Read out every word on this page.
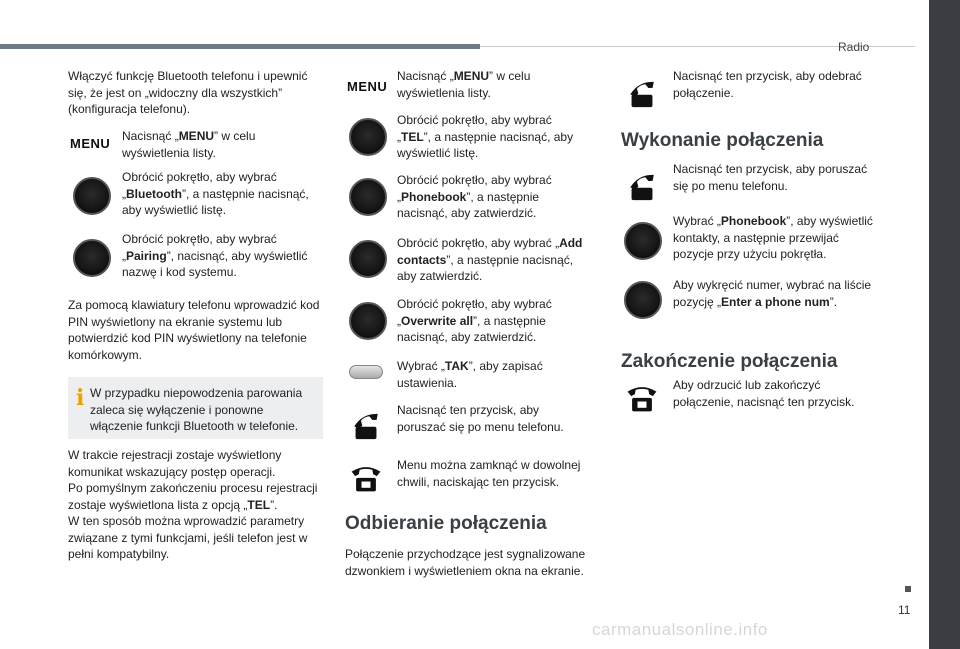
Radio
Włączyć funkcję Bluetooth telefonu i upewnić się, że jest on „widoczny dla wszystkich” (konfiguracja telefonu).
MENU Nacisnąć „MENU” w celu wyświetlenia listy.
Obrócić pokrętło, aby wybrać „Bluetooth”, a następnie nacisnąć, aby wyświetlić listę.
Obrócić pokrętło, aby wybrać „Pairing”, nacisnąć, aby wyświetlić nazwę i kod systemu.
Za pomocą klawiatury telefonu wprowadzić kod PIN wyświetlony na ekranie systemu lub potwierdzić kod PIN wyświetlony na telefonie komórkowym.
i W przypadku niepowodzenia parowania zaleca się wyłączenie i ponowne włączenie funkcji Bluetooth w telefonie.
W trakcie rejestracji zostaje wyświetlony komunikat wskazujący postęp operacji.
Po pomyślnym zakończeniu procesu rejestracji zostaje wyświetlona lista z opcją „TEL”.
W ten sposób można wprowadzić parametry związane z tymi funkcjami, jeśli telefon jest w pełni kompatybilny.
MENU
Nacisnąć „MENU” w celu wyświetlenia listy.
Obrócić pokrętło, aby wybrać „TEL”, a następnie nacisnąć, aby wyświetlić listę.
Obrócić pokrętło, aby wybrać „Phonebook”, a następnie nacisnąć, aby zatwierdzić.
Obrócić pokrętło, aby wybrać „Add contacts”, a następnie nacisnąć, aby zatwierdzić.
Obrócić pokrętło, aby wybrać „Overwrite all”, a następnie nacisnąć, aby zatwierdzić.
Wybrać „TAK”, aby zapisać ustawienia.
Nacisnąć ten przycisk, aby poruszać się po menu telefonu.
Menu można zamknąć w dowolnej chwili, naciskając ten przycisk.
Odbieranie połączenia
Połączenie przychodzące jest sygnalizowane dzwonkiem i wyświetleniem okna na ekranie.
Nacisnąć ten przycisk, aby odebrać połączenie.
Wykonanie połączenia
Nacisnąć ten przycisk, aby poruszać się po menu telefonu.
Wybrać „Phonebook”, aby wyświetlić kontakty, a następnie przewijać pozycje przy użyciu pokrętła.
Aby wykręcić numer, wybrać na liście pozycję „Enter a phone num”.
Zakończenie połączenia
Aby odrzucić lub zakończyć połączenie, nacisnąć ten przycisk.
11
carmanualsonline.info
